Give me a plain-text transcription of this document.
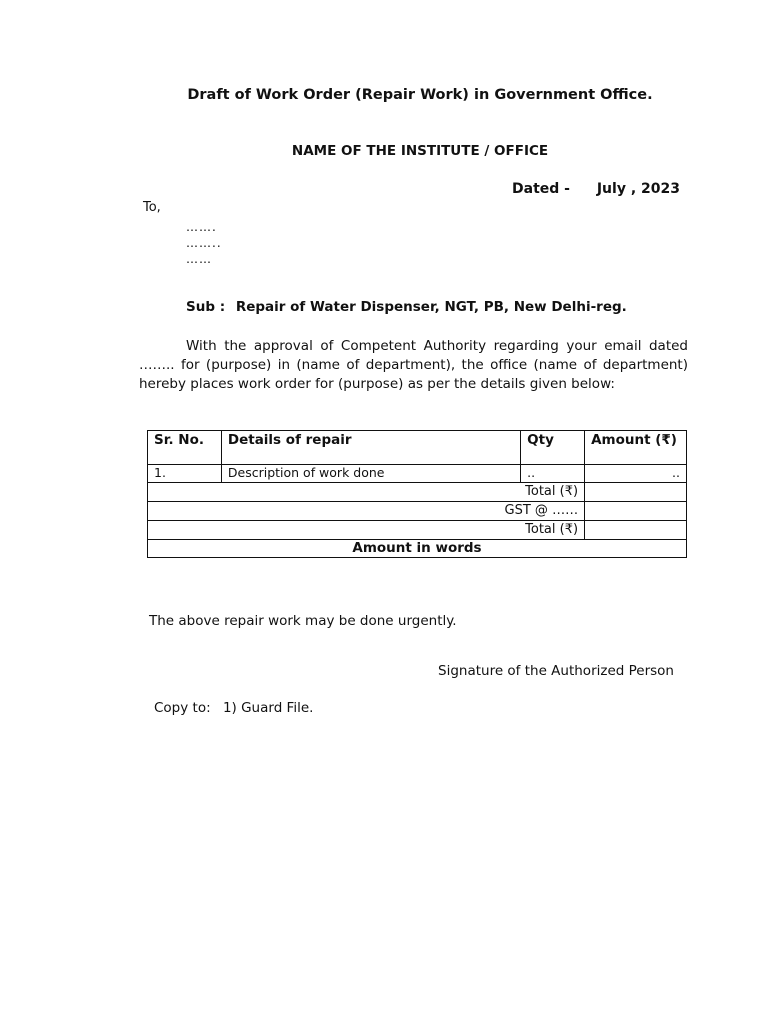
Draft of Work Order (Repair Work) in Government Office.
NAME OF THE INSTITUTE / OFFICE
Dated - July , 2023
To,
…….
……..
……
Sub : Repair of Water Dispenser, NGT, PB, New Delhi-reg.
With the approval of Competent Authority regarding your email dated …….. for (purpose) in (name of department), the office (name of department) hereby places work order for (purpose) as per the details given below:
Sr. No.	Details of repair	Qty	Amount (₹)
1.	Description of work done	..	..
Total (₹)			
GST @ ……			
Total (₹)			
Amount in words			
The above repair work may be done urgently.
Signature of the Authorized Person
Copy to: 1) Guard File.
